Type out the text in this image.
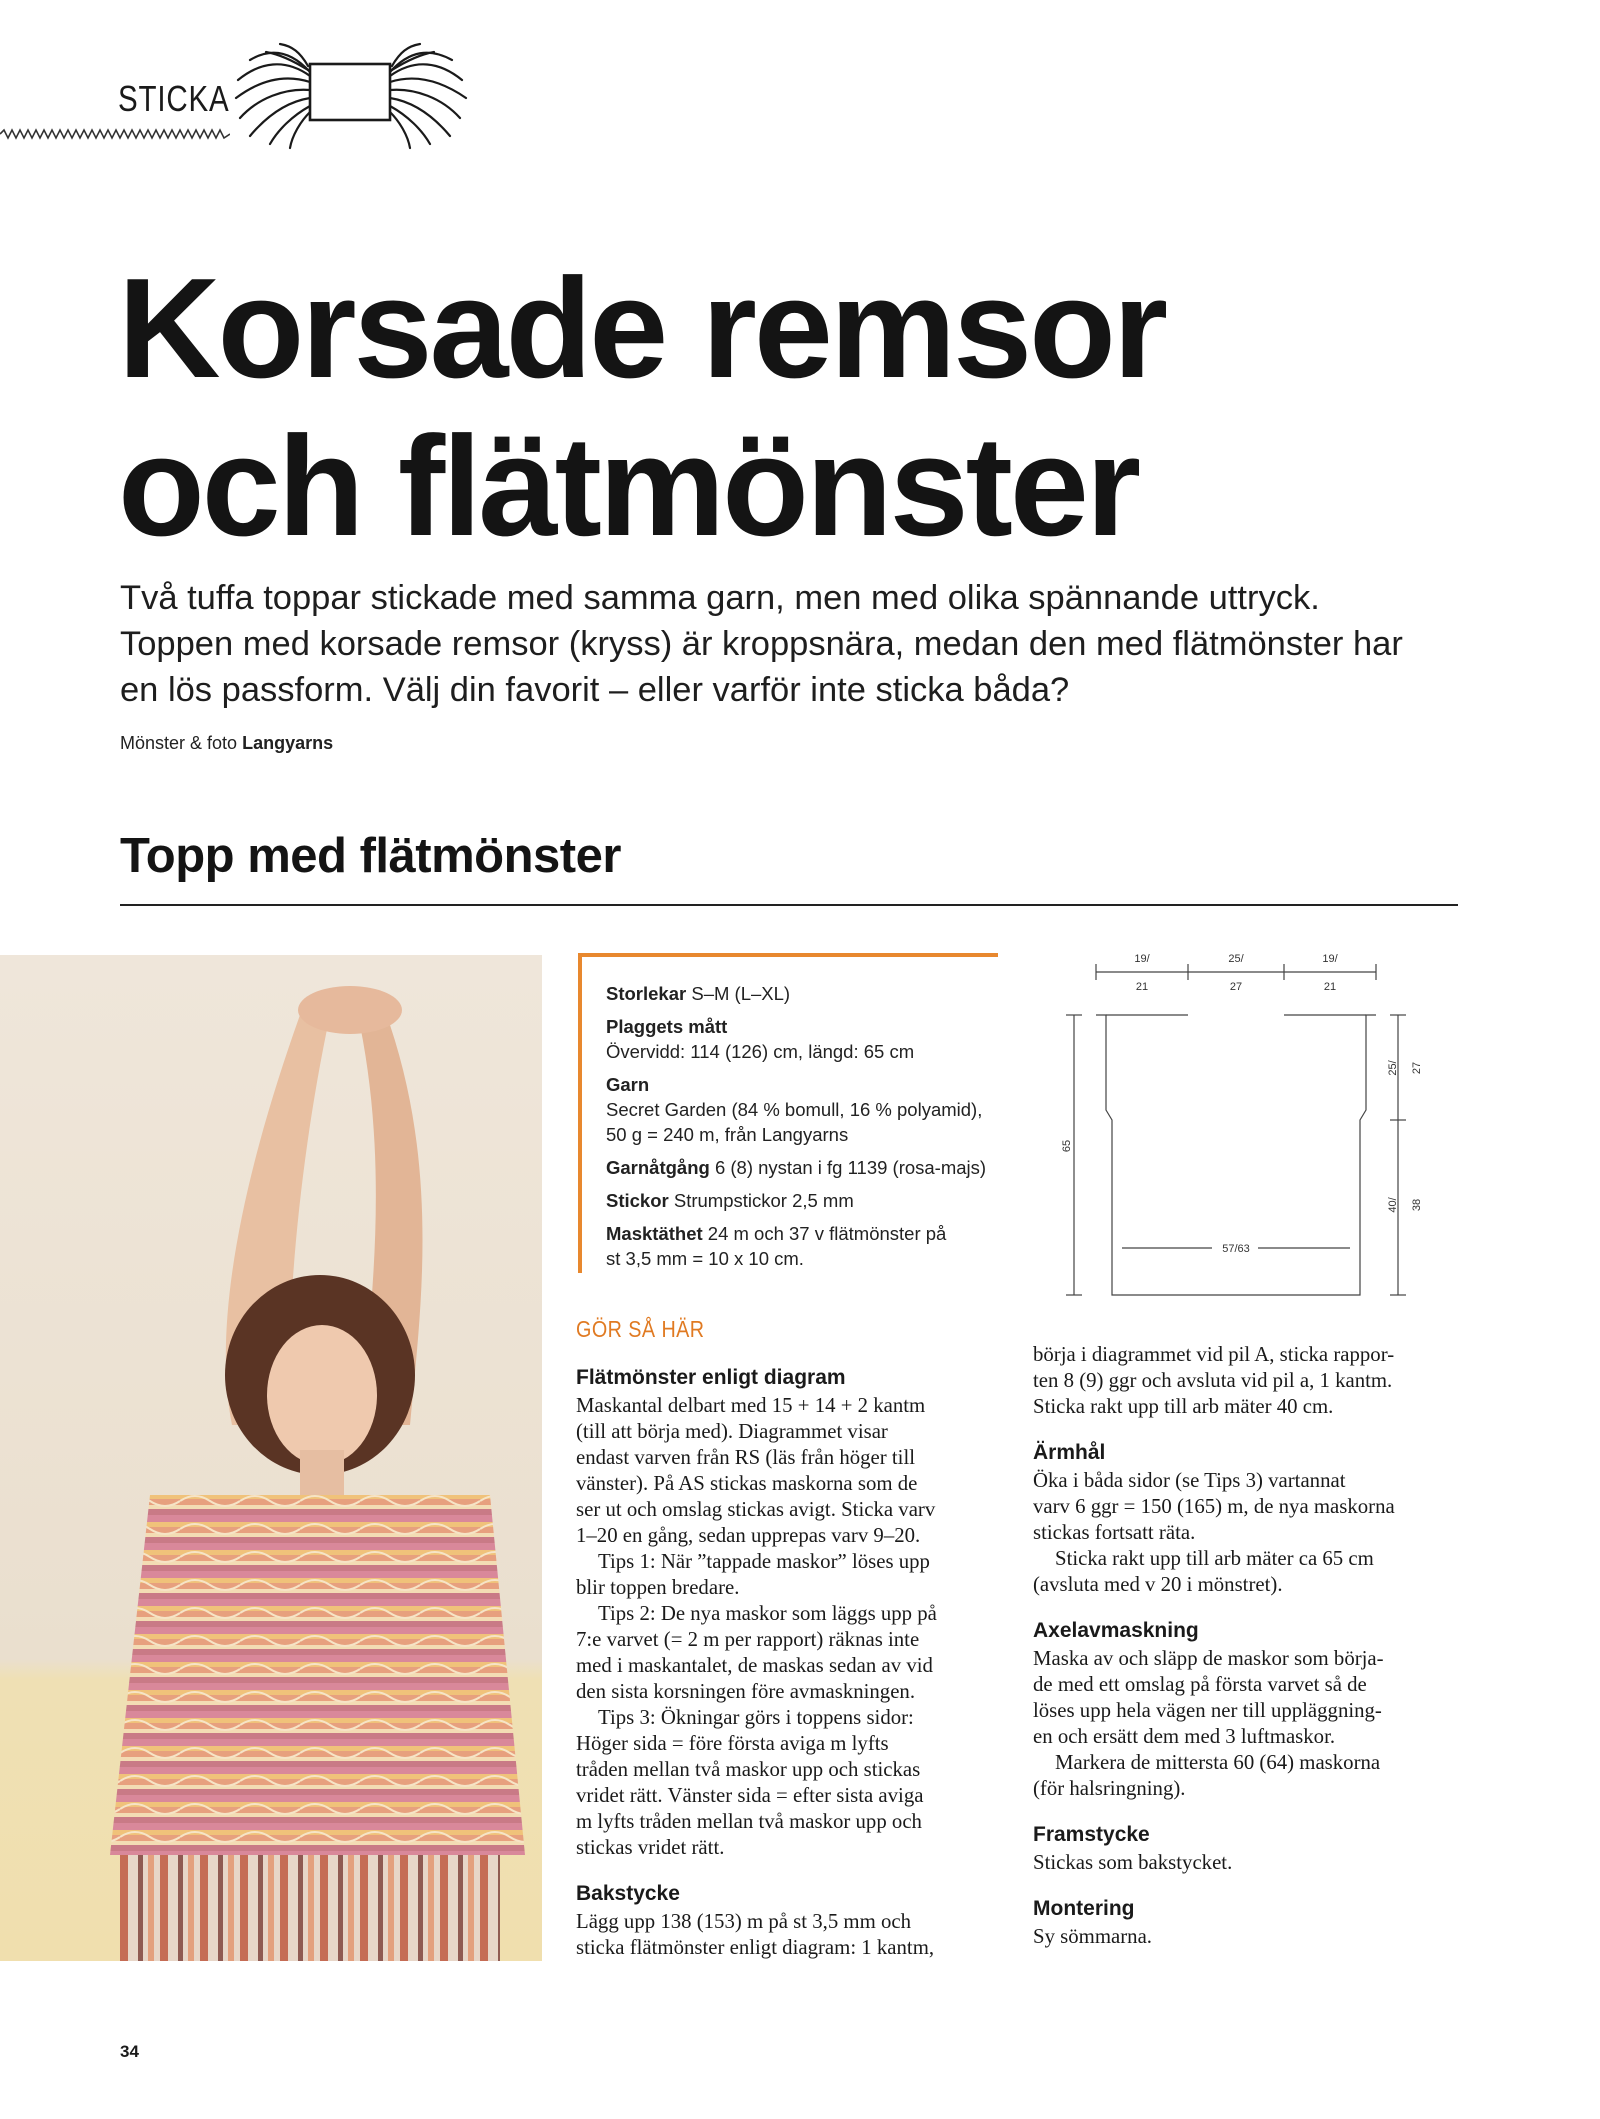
STICKA
Korsade remsor
och flätmönster
Två tuffa toppar stickade med samma garn, men med olika spännande uttryck.
Toppen med korsade remsor (kryss) är kroppsnära, medan den med flätmönster har
en lös passform. Välj din favorit – eller varför inte sticka båda?
Mönster & foto Langyarns
Topp med flätmönster
Storlekar S–M (L–XL)
Plaggets mått
Övervidd: 114 (126) cm, längd: 65 cm
Garn
Secret Garden (84 % bomull, 16 % polyamid),
50 g = 240 m, från Langyarns
Garnåtgång 6 (8) nystan i fg 1139 (rosa-majs)
Stickor Strumpstickor 2,5 mm
Masktäthet 24 m och 37 v flätmönster på
st 3,5 mm = 10 x 10 cm.
19/
21
25/
27
19/
21
65
25/ 27
40/ 38
57/63
GÖR SÅ HÄR
Flätmönster enligt diagram

Maskantal delbart med 15 + 14 + 2 kantm

(till att börja med). Diagrammet visar

endast varven från RS (läs från höger till

vänster). På AS stickas maskorna som de

ser ut och omslag stickas avigt. Sticka varv

1–20 en gång, sedan upprepas varv 9–20.

Tips 1: När ”tappade maskor” löses upp

blir toppen bredare.

Tips 2: De nya maskor som läggs upp på

7:e varvet (= 2 m per rapport) räknas inte

med i maskantalet, de maskas sedan av vid

den sista korsningen före avmaskningen.

Tips 3: Ökningar görs i toppens sidor:

Höger sida = före första aviga m lyfts

tråden mellan två maskor upp och stickas

vridet rätt. Vänster sida = efter sista aviga

m lyfts tråden mellan två maskor upp och

stickas vridet rätt.

Bakstycke

Lägg upp 138 (153) m på st 3,5 mm och

sticka flätmönster enligt diagram: 1 kantm,

börja i diagrammet vid pil A, sticka rappor-

ten 8 (9) ggr och avsluta vid pil a, 1 kantm.

Sticka rakt upp till arb mäter 40 cm.

Ärmhål

Öka i båda sidor (se Tips 3) vartannat

varv 6 ggr = 150 (165) m, de nya maskorna

stickas fortsatt räta.

Sticka rakt upp till arb mäter ca 65 cm

(avsluta med v 20 i mönstret).

Axelavmaskning

Maska av och släpp de maskor som börja-

de med ett omslag på första varvet så de

löses upp hela vägen ner till uppläggning-

en och ersätt dem med 3 luftmaskor.

Markera de mittersta 60 (64) maskorna

(för halsringning).

Framstycke

Stickas som bakstycket.

Montering

Sy sömmarna.

34
